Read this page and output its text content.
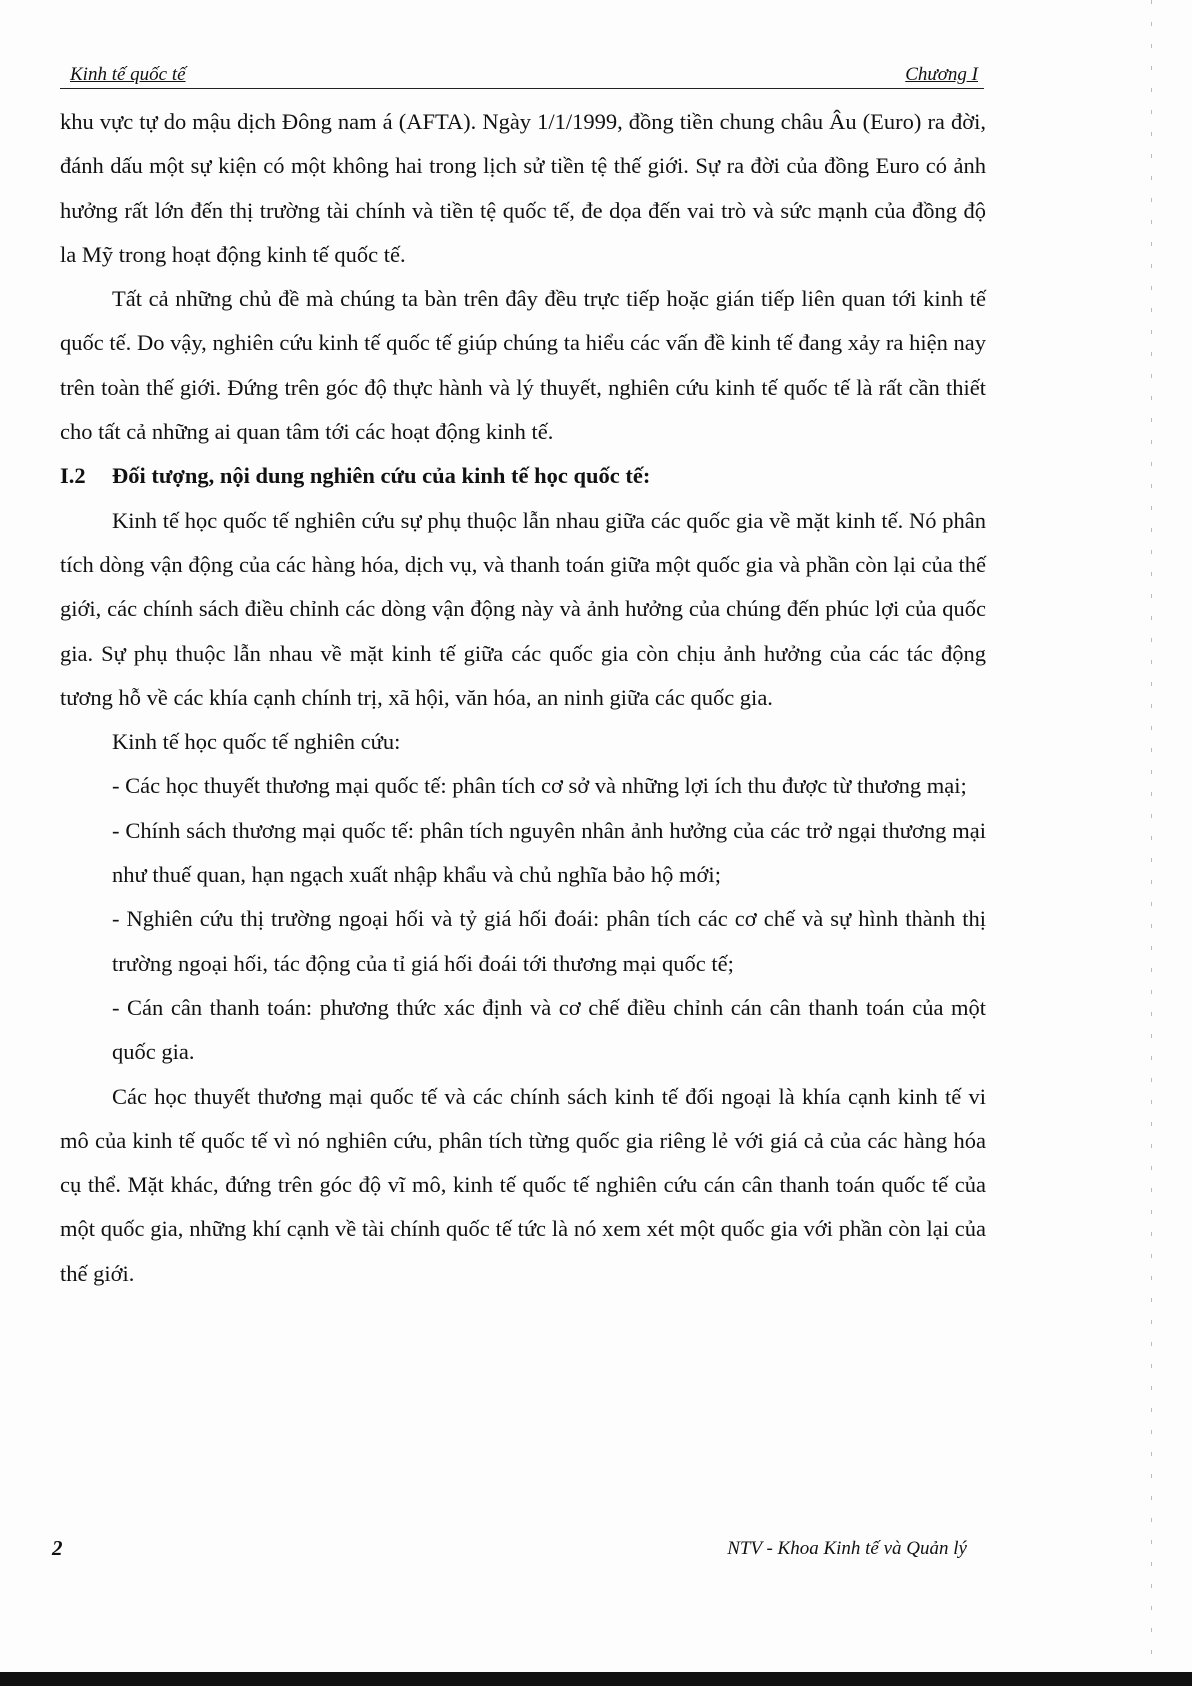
Kinh tế quốc tế	Chương I

khu vực tự do mậu dịch Đông nam á (AFTA). Ngày 1/1/1999, đồng tiền chung châu Âu (Euro) ra đời, đánh dấu một sự kiện có một không hai trong lịch sử tiền tệ thế giới. Sự ra đời của đồng Euro có ảnh hưởng rất lớn đến thị trường tài chính và tiền tệ quốc tế, đe dọa đến vai trò và sức mạnh của đồng độ la Mỹ trong hoạt động kinh tế quốc tế.

Tất cả những chủ đề mà chúng ta bàn trên đây đều trực tiếp hoặc gián tiếp liên quan tới kinh tế quốc tế. Do vậy, nghiên cứu kinh tế quốc tế giúp chúng ta hiểu các vấn đề kinh tế đang xảy ra hiện nay trên toàn thế giới. Đứng trên góc độ thực hành và lý thuyết, nghiên cứu kinh tế quốc tế là rất cần thiết cho tất cả những ai quan tâm tới các hoạt động kinh tế.

I.2 Đối tượng, nội dung nghiên cứu của kinh tế học quốc tế:

Kinh tế học quốc tế nghiên cứu sự phụ thuộc lẫn nhau giữa các quốc gia về mặt kinh tế. Nó phân tích dòng vận động của các hàng hóa, dịch vụ, và thanh toán giữa một quốc gia và phần còn lại của thế giới, các chính sách điều chỉnh các dòng vận động này và ảnh hưởng của chúng đến phúc lợi của quốc gia. Sự phụ thuộc lẫn nhau về mặt kinh tế giữa các quốc gia còn chịu ảnh hưởng của các tác động tương hỗ về các khía cạnh chính trị, xã hội, văn hóa, an ninh giữa các quốc gia.

Kinh tế học quốc tế nghiên cứu:

- Các học thuyết thương mại quốc tế: phân tích cơ sở và những lợi ích thu được từ thương mại;

- Chính sách thương mại quốc tế: phân tích nguyên nhân ảnh hưởng của các trở ngại thương mại như thuế quan, hạn ngạch xuất nhập khẩu và chủ nghĩa bảo hộ mới;

- Nghiên cứu thị trường ngoại hối và tỷ giá hối đoái: phân tích các cơ chế và sự hình thành thị trường ngoại hối, tác động của tỉ giá hối đoái tới thương mại quốc tế;

- Cán cân thanh toán: phương thức xác định và cơ chế điều chỉnh cán cân thanh toán của một quốc gia.

Các học thuyết thương mại quốc tế và các chính sách kinh tế đối ngoại là khía cạnh kinh tế vi mô của kinh tế quốc tế vì nó nghiên cứu, phân tích từng quốc gia riêng lẻ với giá cả của các hàng hóa cụ thể. Mặt khác, đứng trên góc độ vĩ mô, kinh tế quốc tế nghiên cứu cán cân thanh toán quốc tế của một quốc gia, những khí cạnh về tài chính quốc tế tức là nó xem xét một quốc gia với phần còn lại của thế giới.

2	NTV - Khoa Kinh tế và Quản lý
